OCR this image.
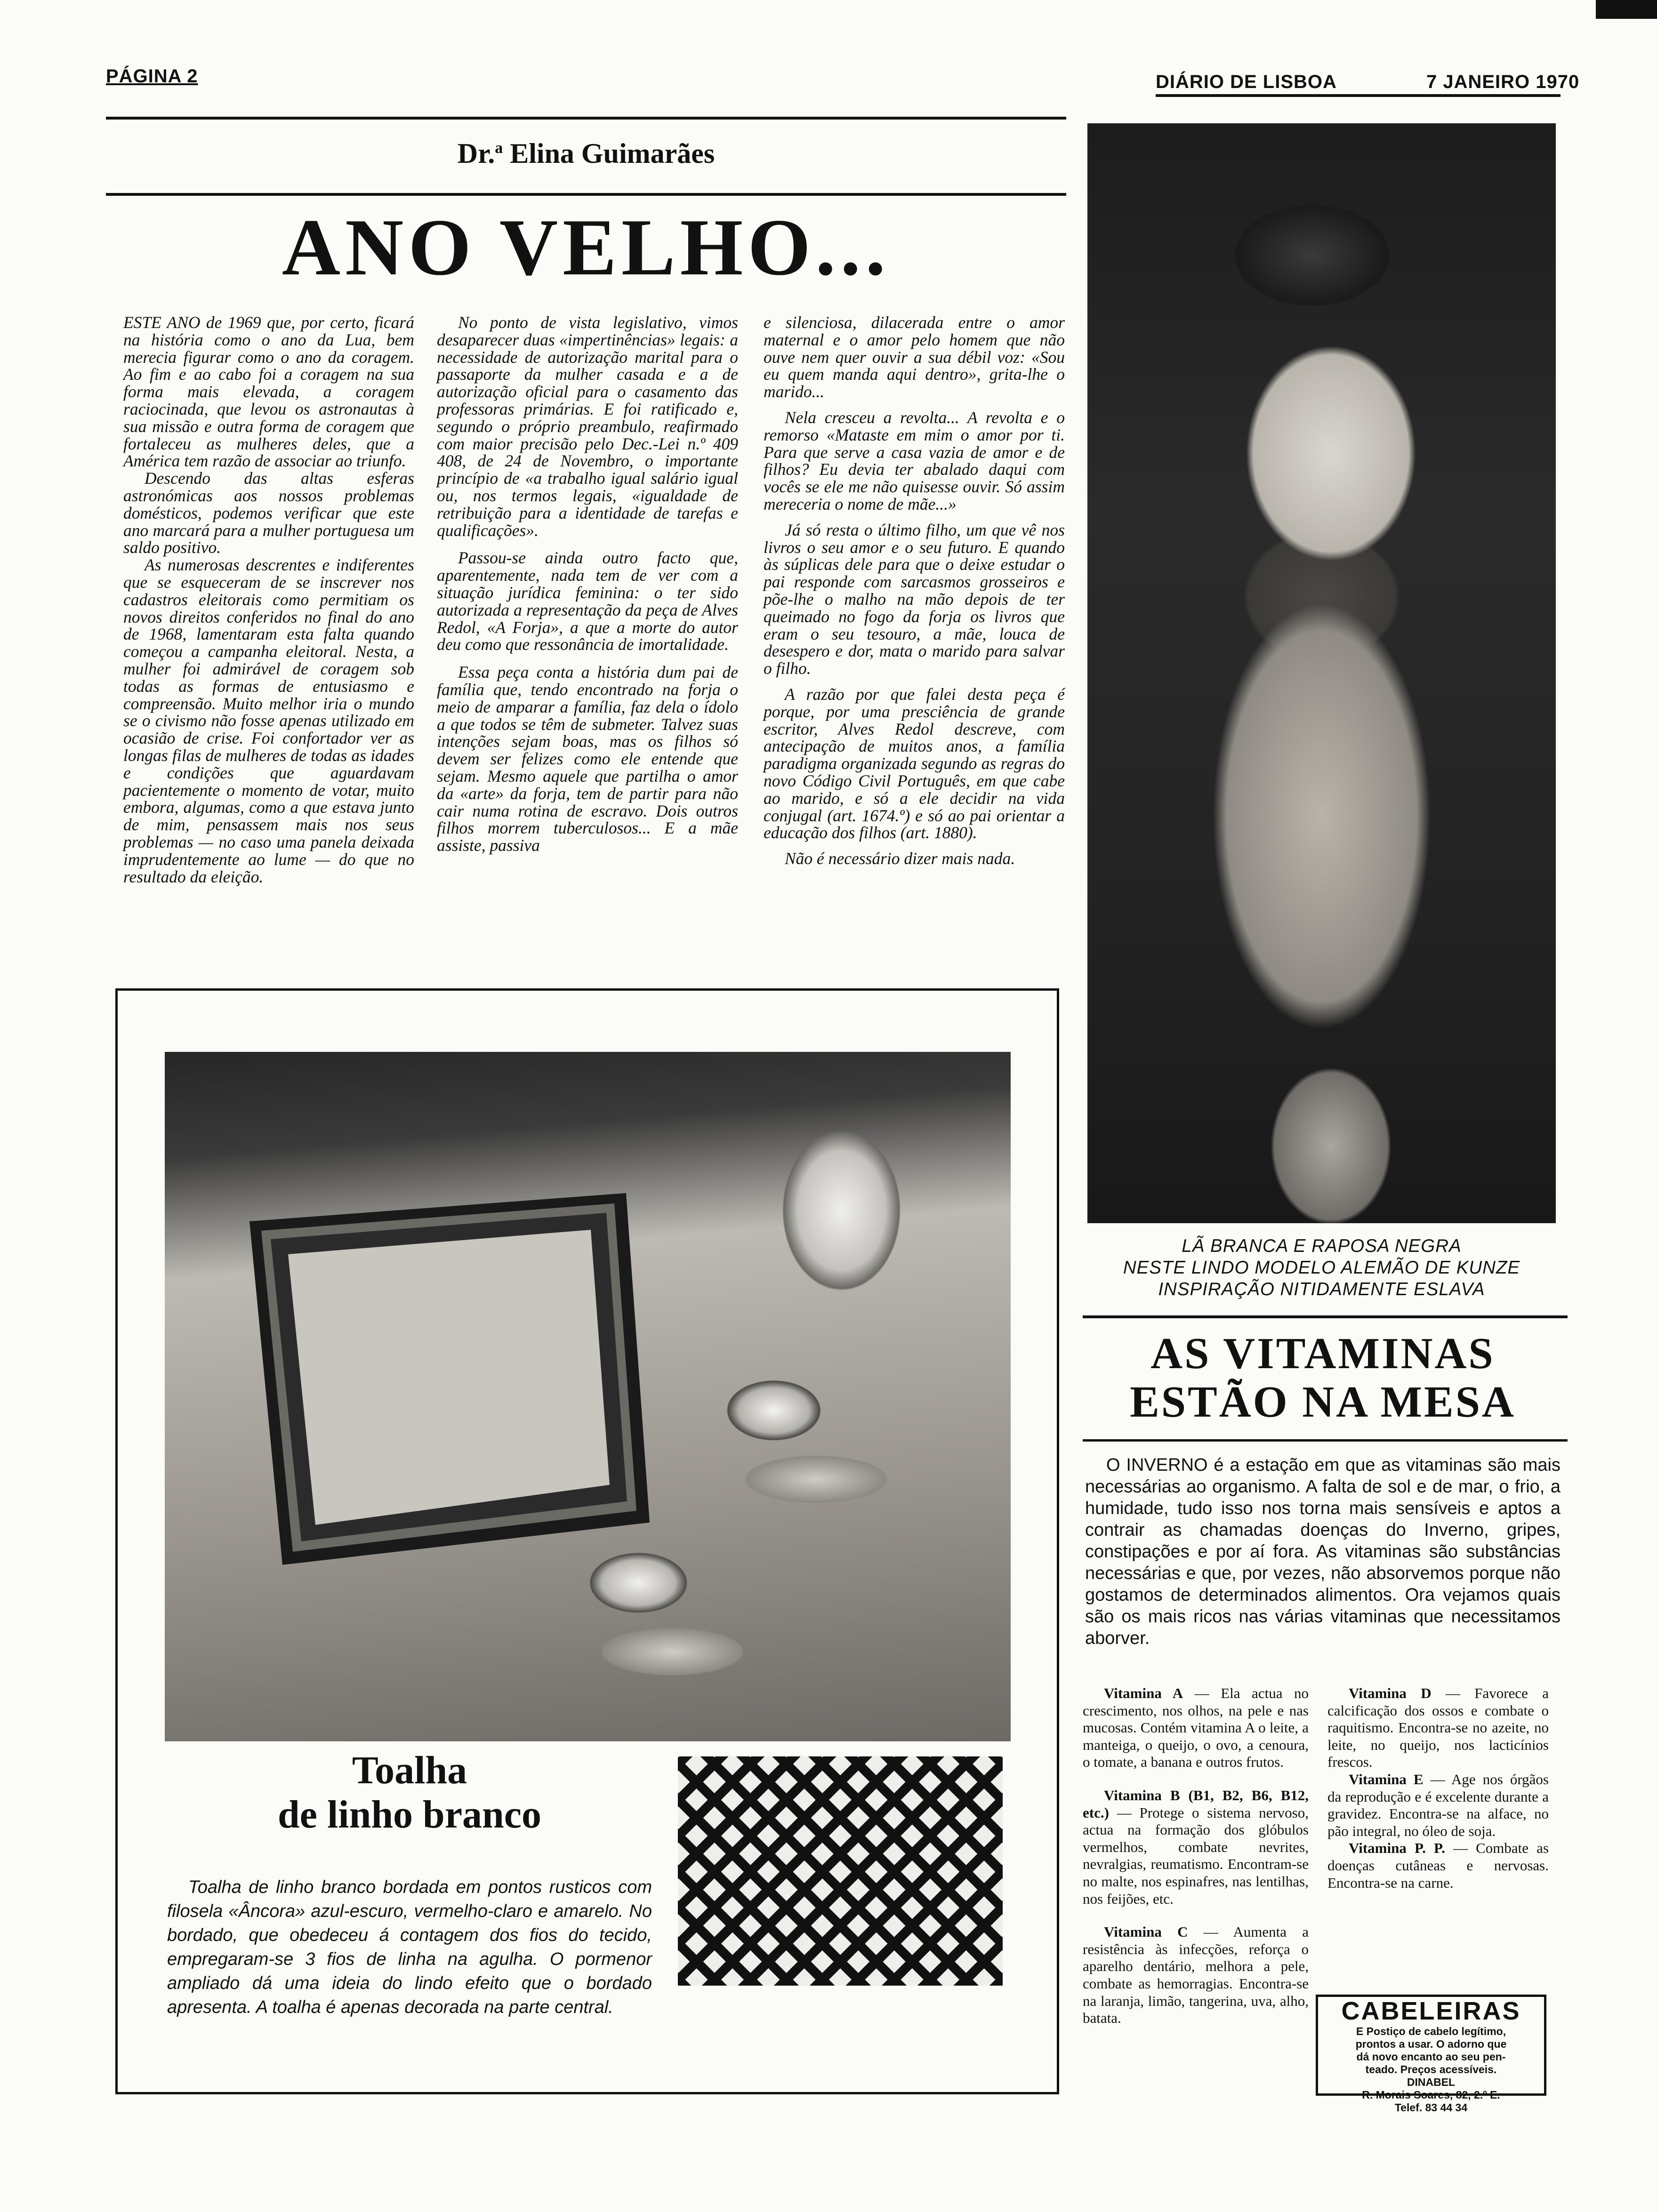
PÁGINA 2	DIÁRIO DE LISBOA	7 JANEIRO 1970
Dr.$^a$ Elina Guimarães
ANO VELHO...

ESTE ANO de 1969 que, por certo, ficará na história como o ano da Lua, bem merecia figurar como o ano da coragem. Ao fim e ao cabo foi a coragem na sua forma mais elevada, a coragem raciocinada, que levou os astronautas à sua missão e outra forma de coragem que fortaleceu as mulheres deles, que a América tem razão de associar ao triunfo.

Descendo das altas esferas astronómicas aos nossos problemas domésticos, podemos verificar que este ano marcará para a mulher portuguesa um saldo positivo.

As numerosas descrentes e indiferentes que se esqueceram de se inscrever nos cadastros eleitorais como permitiam os novos direitos conferidos no final do ano de 1968, lamentaram esta falta quando começou a campanha eleitoral. Nesta, a mulher foi admirável de coragem sob todas as formas de entusiasmo e compreensão. Muito melhor iria o mundo se o civismo não fosse apenas utilizado em ocasião de crise. Foi confortador ver as longas filas de mulheres de todas as idades e condições que aguardavam pacientemente o momento de votar, muito embora, algumas, como a que estava junto de mim, pensassem mais nos seus problemas — no caso uma panela deixada imprudentemente ao lume — do que no resultado da eleição.

No ponto de vista legislativo, vimos desaparecer duas «impertinências» legais: a necessidade de autorização marital para o passaporte da mulher casada e a de autorização oficial para o casamento das professoras primárias. E foi ratificado e, segundo o próprio preambulo, reafirmado com maior precisão pelo Dec.-Lei n.º 409 408, de 24 de Novembro, o importante princípio de «a trabalho igual salário igual ou, nos termos legais, «igualdade de retribuição para a identidade de tarefas e qualificações».

Passou-se ainda outro facto que, aparentemente, nada tem de ver com a situação jurídica feminina: o ter sido autorizada a representação da peça de Alves Redol, «A Forja», a que a morte do autor deu como que ressonância de imortalidade.

Essa peça conta a história dum pai de família que, tendo encontrado na forja o meio de amparar a família, faz dela o ídolo a que todos se têm de submeter. Talvez suas intenções sejam boas, mas os filhos só devem ser felizes como ele entende que sejam. Mesmo aquele que partilha o amor da «arte» da forja, tem de partir para não cair numa rotina de escravo. Dois outros filhos morrem tuberculosos... E a mãe assiste, passiva

e silenciosa, dilacerada entre o amor maternal e o amor pelo homem que não ouve nem quer ouvir a sua débil voz: «Sou eu quem manda aqui dentro», grita-lhe o marido...

Nela cresceu a revolta... A revolta e o remorso «Mataste em mim o amor por ti. Para que serve a casa vazia de amor e de filhos? Eu devia ter abalado daqui com vocês se ele me não quisesse ouvir. Só assim mereceria o nome de mãe...»

Já só resta o último filho, um que vê nos livros o seu amor e o seu futuro. E quando às súplicas dele para que o deixe estudar o pai responde com sarcasmos grosseiros e põe-lhe o malho na mão depois de ter queimado no fogo da forja os livros que eram o seu tesouro, a mãe, louca de desespero e dor, mata o marido para salvar o filho.

A razão por que falei desta peça é porque, por uma presciência de grande escritor, Alves Redol descreve, com antecipação de muitos anos, a família paradigma organizada segundo as regras do novo Código Civil Português, em que cabe ao marido, e só a ele decidir na vida conjugal (art. 1674.º) e só ao pai orientar a educação dos filhos (art. 1880).

Não é necessário dizer mais nada.

LÃ BRANCA E RAPOSA NEGRA
NESTE LINDO MODELO ALEMÃO DE KUNZE
INSPIRAÇÃO NITIDAMENTE ESLAVA
Toalha
de linho branco

Toalha de linho branco bordada em pontos rusticos com filosela «Âncora» azul-escuro, vermelho-claro e amarelo. No bordado, que obedeceu á contagem dos fios do tecido, empregaram-se 3 fios de linha na agulha. O pormenor ampliado dá uma ideia do lindo efeito que o bordado apresenta. A toalha é apenas decorada na parte central.

AS VITAMINAS
ESTÃO NA MESA

O INVERNO é a estação em que as vitaminas são mais necessárias ao organismo. A falta de sol e de mar, o frio, a humidade, tudo isso nos torna mais sensíveis e aptos a contrair as chamadas doenças do Inverno, gripes, constipações e por aí fora. As vitaminas são substâncias necessárias e que, por vezes, não absorvemos porque não gostamos de determinados alimentos. Ora vejamos quais são os mais ricos nas várias vitaminas que necessitamos aborver.

Vitamina A — Ela actua no crescimento, nos olhos, na pele e nas mucosas. Contém vitamina A o leite, a manteiga, o queijo, o ovo, a cenoura, o tomate, a banana e outros frutos.

Vitamina B (B1, B2, B6, B12, etc.) — Protege o sistema nervoso, actua na formação dos glóbulos vermelhos, combate nevrites, nevralgias, reumatismo. Encontram-se no malte, nos espinafres, nas lentilhas, nos feijões, etc.

Vitamina C — Aumenta a resistência às infecções, reforça o aparelho dentário, melhora a pele, combate as hemorragias. Encontra-se na laranja, limão, tangerina, uva, alho, batata.

Vitamina D — Favorece a calcificação dos ossos e combate o raquitismo. Encontra-se no azeite, no leite, no queijo, nos lacticínios frescos.

Vitamina E — Age nos órgãos da reprodução e é excelente durante a gravidez. Encontra-se na alface, no pão integral, no óleo de soja.

Vitamina P. P. — Combate as doenças cutâneas e nervosas. Encontra-se na carne.

CABELEIRAS
E Postiço de cabelo legítimo,
prontos a usar. O adorno que
dá novo encanto ao seu pen-
teado. Preços acessíveis.
DINABEL
R. Morais Soares, 82, 2.º E.
Telef. 83 44 34
